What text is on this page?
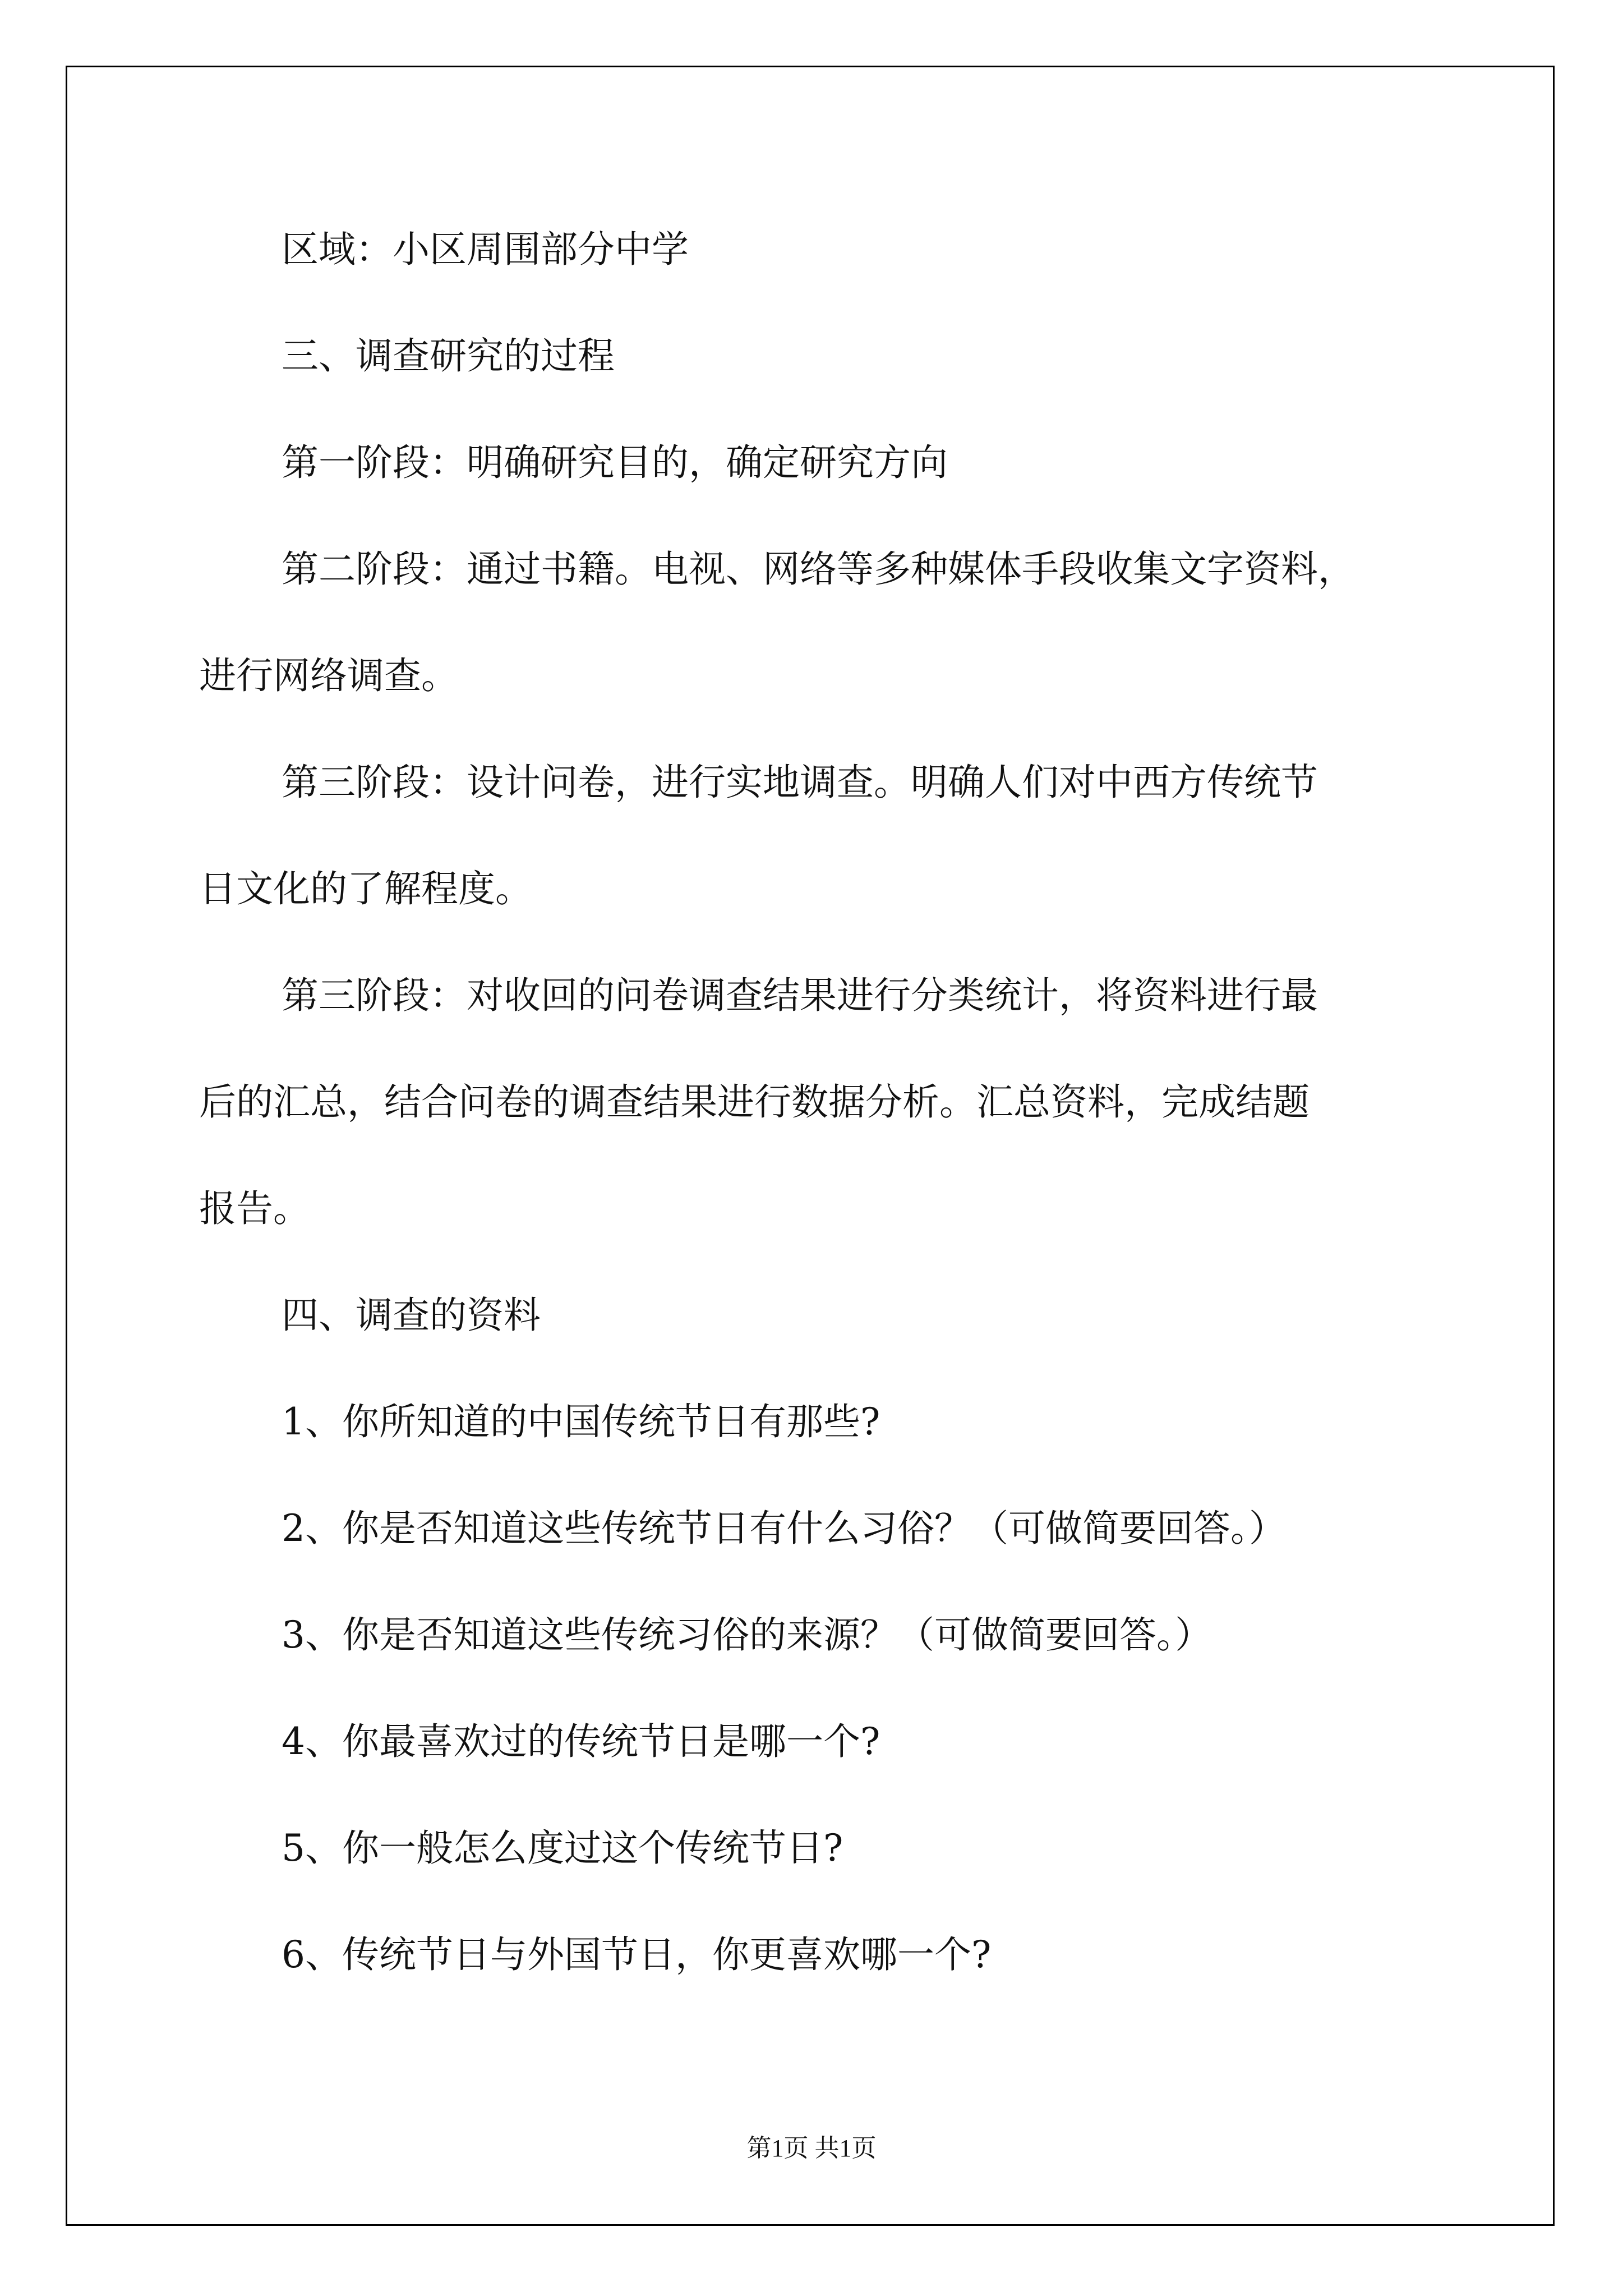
区域：小区周围部分中学
三、调查研究的过程
第一阶段：明确研究目的，确定研究方向
第二阶段：通过书籍。电视、网络等多种媒体手段收集文字资料，
进行网络调查。
第三阶段：设计问卷，进行实地调查。明确人们对中西方传统节
日文化的了解程度。
第三阶段：对收回的问卷调查结果进行分类统计，将资料进行最
后的汇总，结合问卷的调查结果进行数据分析。汇总资料，完成结题
报告。
四、调查的资料
1、你所知道的中国传统节日有那些?
2、你是否知道这些传统节日有什么习俗？（可做简要回答。）
3、你是否知道这些传统习俗的来源？（可做简要回答。）
4、你最喜欢过的传统节日是哪一个?
5、你一般怎么度过这个传统节日?
6、传统节日与外国节日，你更喜欢哪一个?
第1页 共1页
